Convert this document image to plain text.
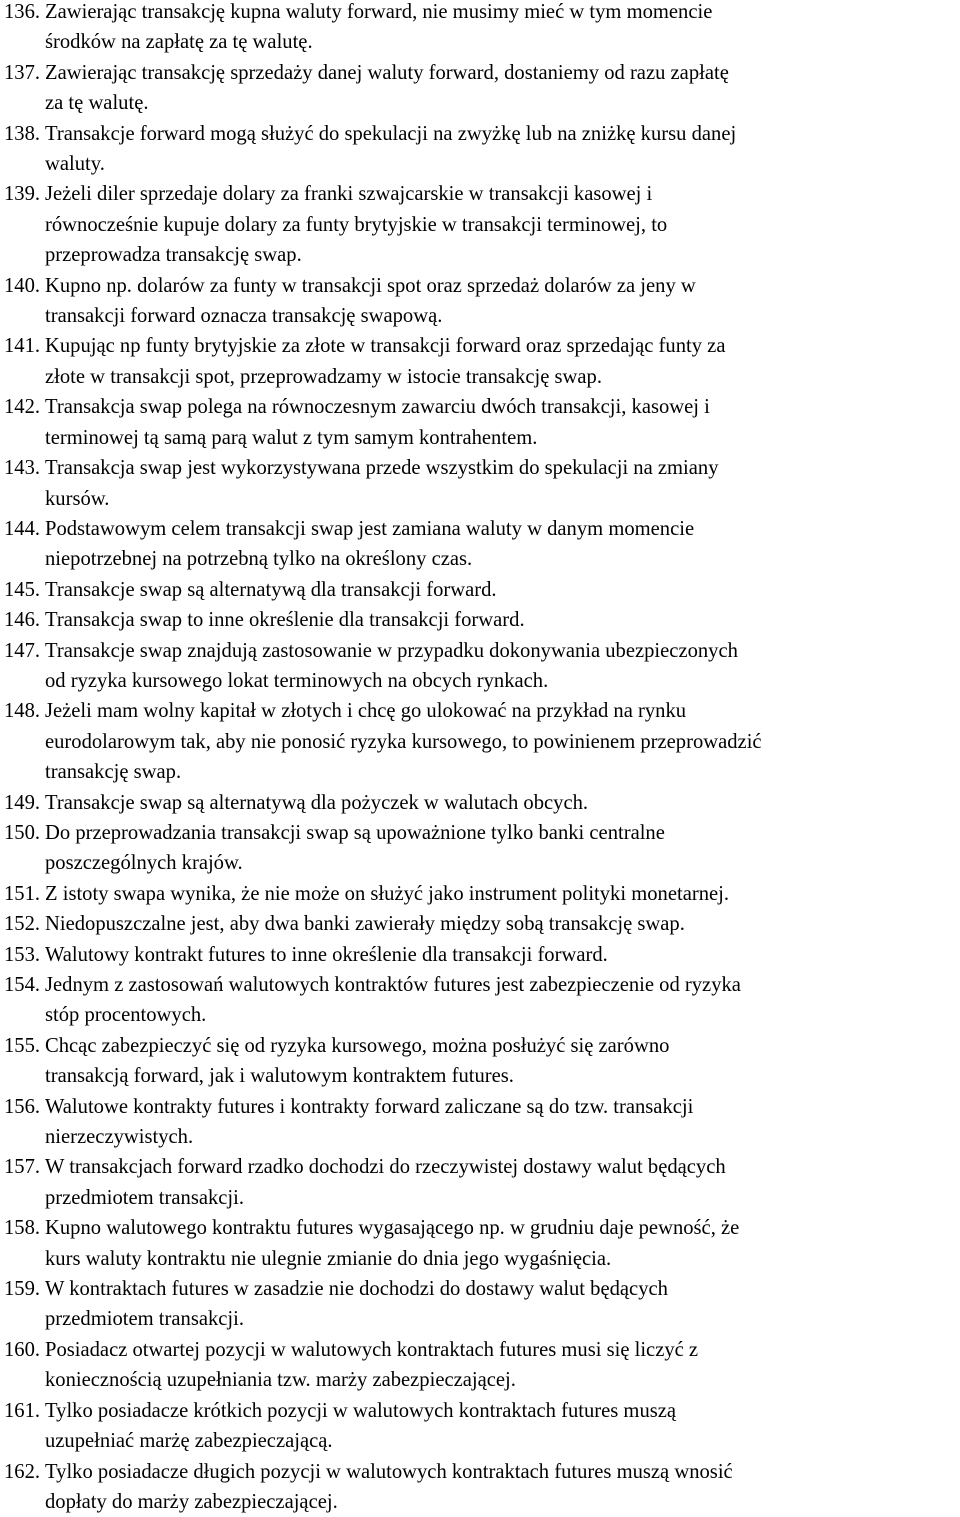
136. Zawierając transakcję kupna waluty forward, nie musimy mieć w tym momencie
środków na zapłatę za tę walutę.
137. Zawierając transakcję sprzedaży danej waluty forward, dostaniemy od razu zapłatę
za tę walutę.
138. Transakcje forward mogą służyć do spekulacji na zwyżkę lub na zniżkę kursu danej
waluty.
139. Jeżeli diler sprzedaje dolary za franki szwajcarskie w transakcji kasowej i
równocześnie kupuje dolary za funty brytyjskie w transakcji terminowej, to
przeprowadza transakcję swap.
140. Kupno np. dolarów za funty w transakcji spot oraz sprzedaż dolarów za jeny w
transakcji forward oznacza transakcję swapową.
141. Kupując np funty brytyjskie za złote w transakcji forward oraz sprzedając funty za
złote w transakcji spot, przeprowadzamy w istocie transakcję swap.
142. Transakcja swap polega na równoczesnym zawarciu dwóch transakcji, kasowej i
terminowej tą samą parą walut z tym samym kontrahentem.
143. Transakcja swap jest wykorzystywana przede wszystkim do spekulacji na zmiany
kursów.
144. Podstawowym celem transakcji swap jest zamiana waluty w danym momencie
niepotrzebnej na potrzebną tylko na określony czas.
145. Transakcje swap są alternatywą dla transakcji forward.
146. Transakcja swap to inne określenie dla transakcji forward.
147. Transakcje swap znajdują zastosowanie w przypadku dokonywania ubezpieczonych
od ryzyka kursowego lokat terminowych na obcych rynkach.
148. Jeżeli mam wolny kapitał w złotych i chcę go ulokować na przykład na rynku
eurodolarowym tak, aby nie ponosić ryzyka kursowego, to powinienem przeprowadzić
transakcję swap.
149. Transakcje swap są alternatywą dla pożyczek w walutach obcych.
150. Do przeprowadzania transakcji swap są upoważnione tylko banki centralne
poszczególnych krajów.
151. Z istoty swapa wynika, że nie może on służyć jako instrument polityki monetarnej.
152. Niedopuszczalne jest, aby dwa banki zawierały między sobą transakcję swap.
153. Walutowy kontrakt futures to inne określenie dla transakcji forward.
154. Jednym z zastosowań walutowych kontraktów futures jest zabezpieczenie od ryzyka
stóp procentowych.
155. Chcąc zabezpieczyć się od ryzyka kursowego, można posłużyć się zarówno
transakcją forward, jak i walutowym kontraktem futures.
156. Walutowe kontrakty futures i kontrakty forward zaliczane są do tzw. transakcji
nierzeczywistych.
157. W transakcjach forward rzadko dochodzi do rzeczywistej dostawy walut będących
przedmiotem transakcji.
158. Kupno walutowego kontraktu futures wygasającego np. w grudniu daje pewność, że
kurs waluty kontraktu nie ulegnie zmianie do dnia jego wygaśnięcia.
159. W kontraktach futures w zasadzie nie dochodzi do dostawy walut będących
przedmiotem transakcji.
160. Posiadacz otwartej pozycji w walutowych kontraktach futures musi się liczyć z
koniecznością uzupełniania tzw. marży zabezpieczającej.
161. Tylko posiadacze krótkich pozycji w walutowych kontraktach futures muszą
uzupełniać marżę zabezpieczającą.
162. Tylko posiadacze długich pozycji w walutowych kontraktach futures muszą wnosić
dopłaty do marży zabezpieczającej.
